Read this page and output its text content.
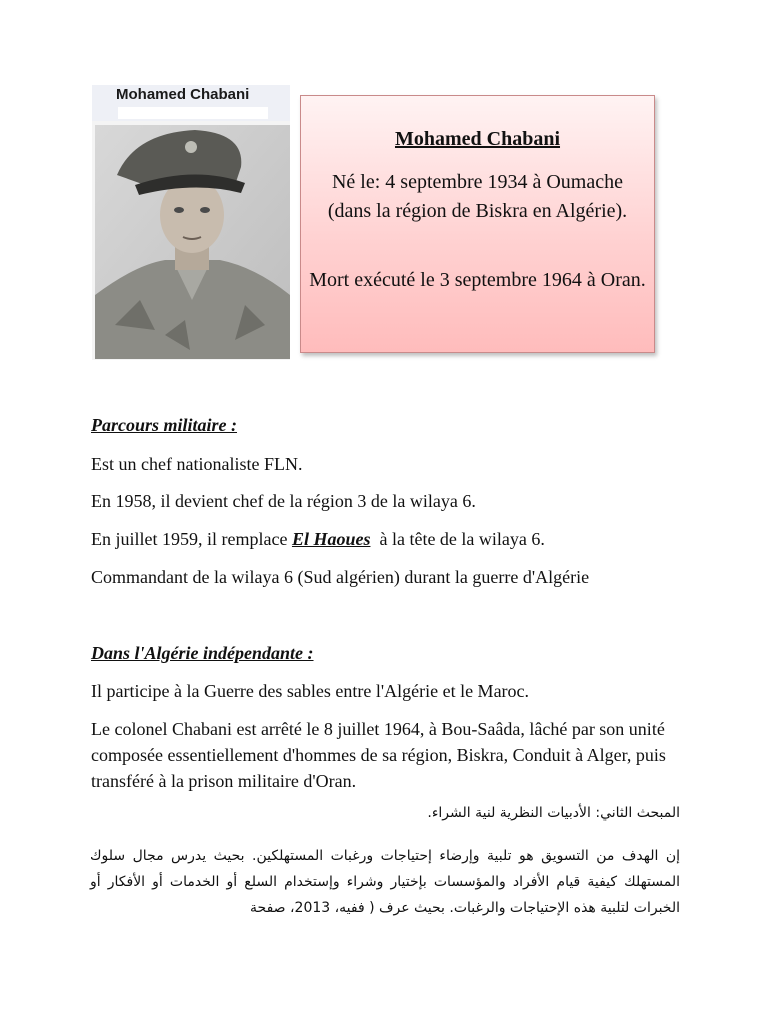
Mohamed Chabani
Mohamed Chabani
Né le: 4 septembre 1934 à Oumache (dans la région de Biskra en Algérie).
Mort exécuté le 3 septembre 1964 à Oran.
Parcours militaire :
Est un chef nationaliste FLN.
En 1958, il devient chef de la région 3 de la wilaya 6.
En juillet 1959, il remplace El Haoues  à la tête de la wilaya 6.
Commandant de la wilaya 6 (Sud algérien) durant la guerre d'Algérie
Dans l'Algérie indépendante :
Il participe à la Guerre des sables entre l'Algérie et le Maroc.
Le colonel Chabani est arrêté le 8 juillet 1964, à Bou-Saâda, lâché par son unité composée essentiellement d'hommes de sa région, Biskra, Conduit à Alger, puis transféré à la prison militaire d'Oran.
المبحث الثاني: الأدبيات النظرية لنية الشراء.
إن الهدف من التسويق هو تلبية وإرضاء إحتياجات ورغبات المستهلكين. بحيث يدرس مجال سلوك المستهلك كيفية قيام الأفراد والمؤسسات بإختيار وشراء وإستخدام السلع أو الخدمات أو الأفكار أو الخبرات لتلبية هذه الإحتياجات والرغبات. بحيث عرف ( ففيه، 2013، صفحة
